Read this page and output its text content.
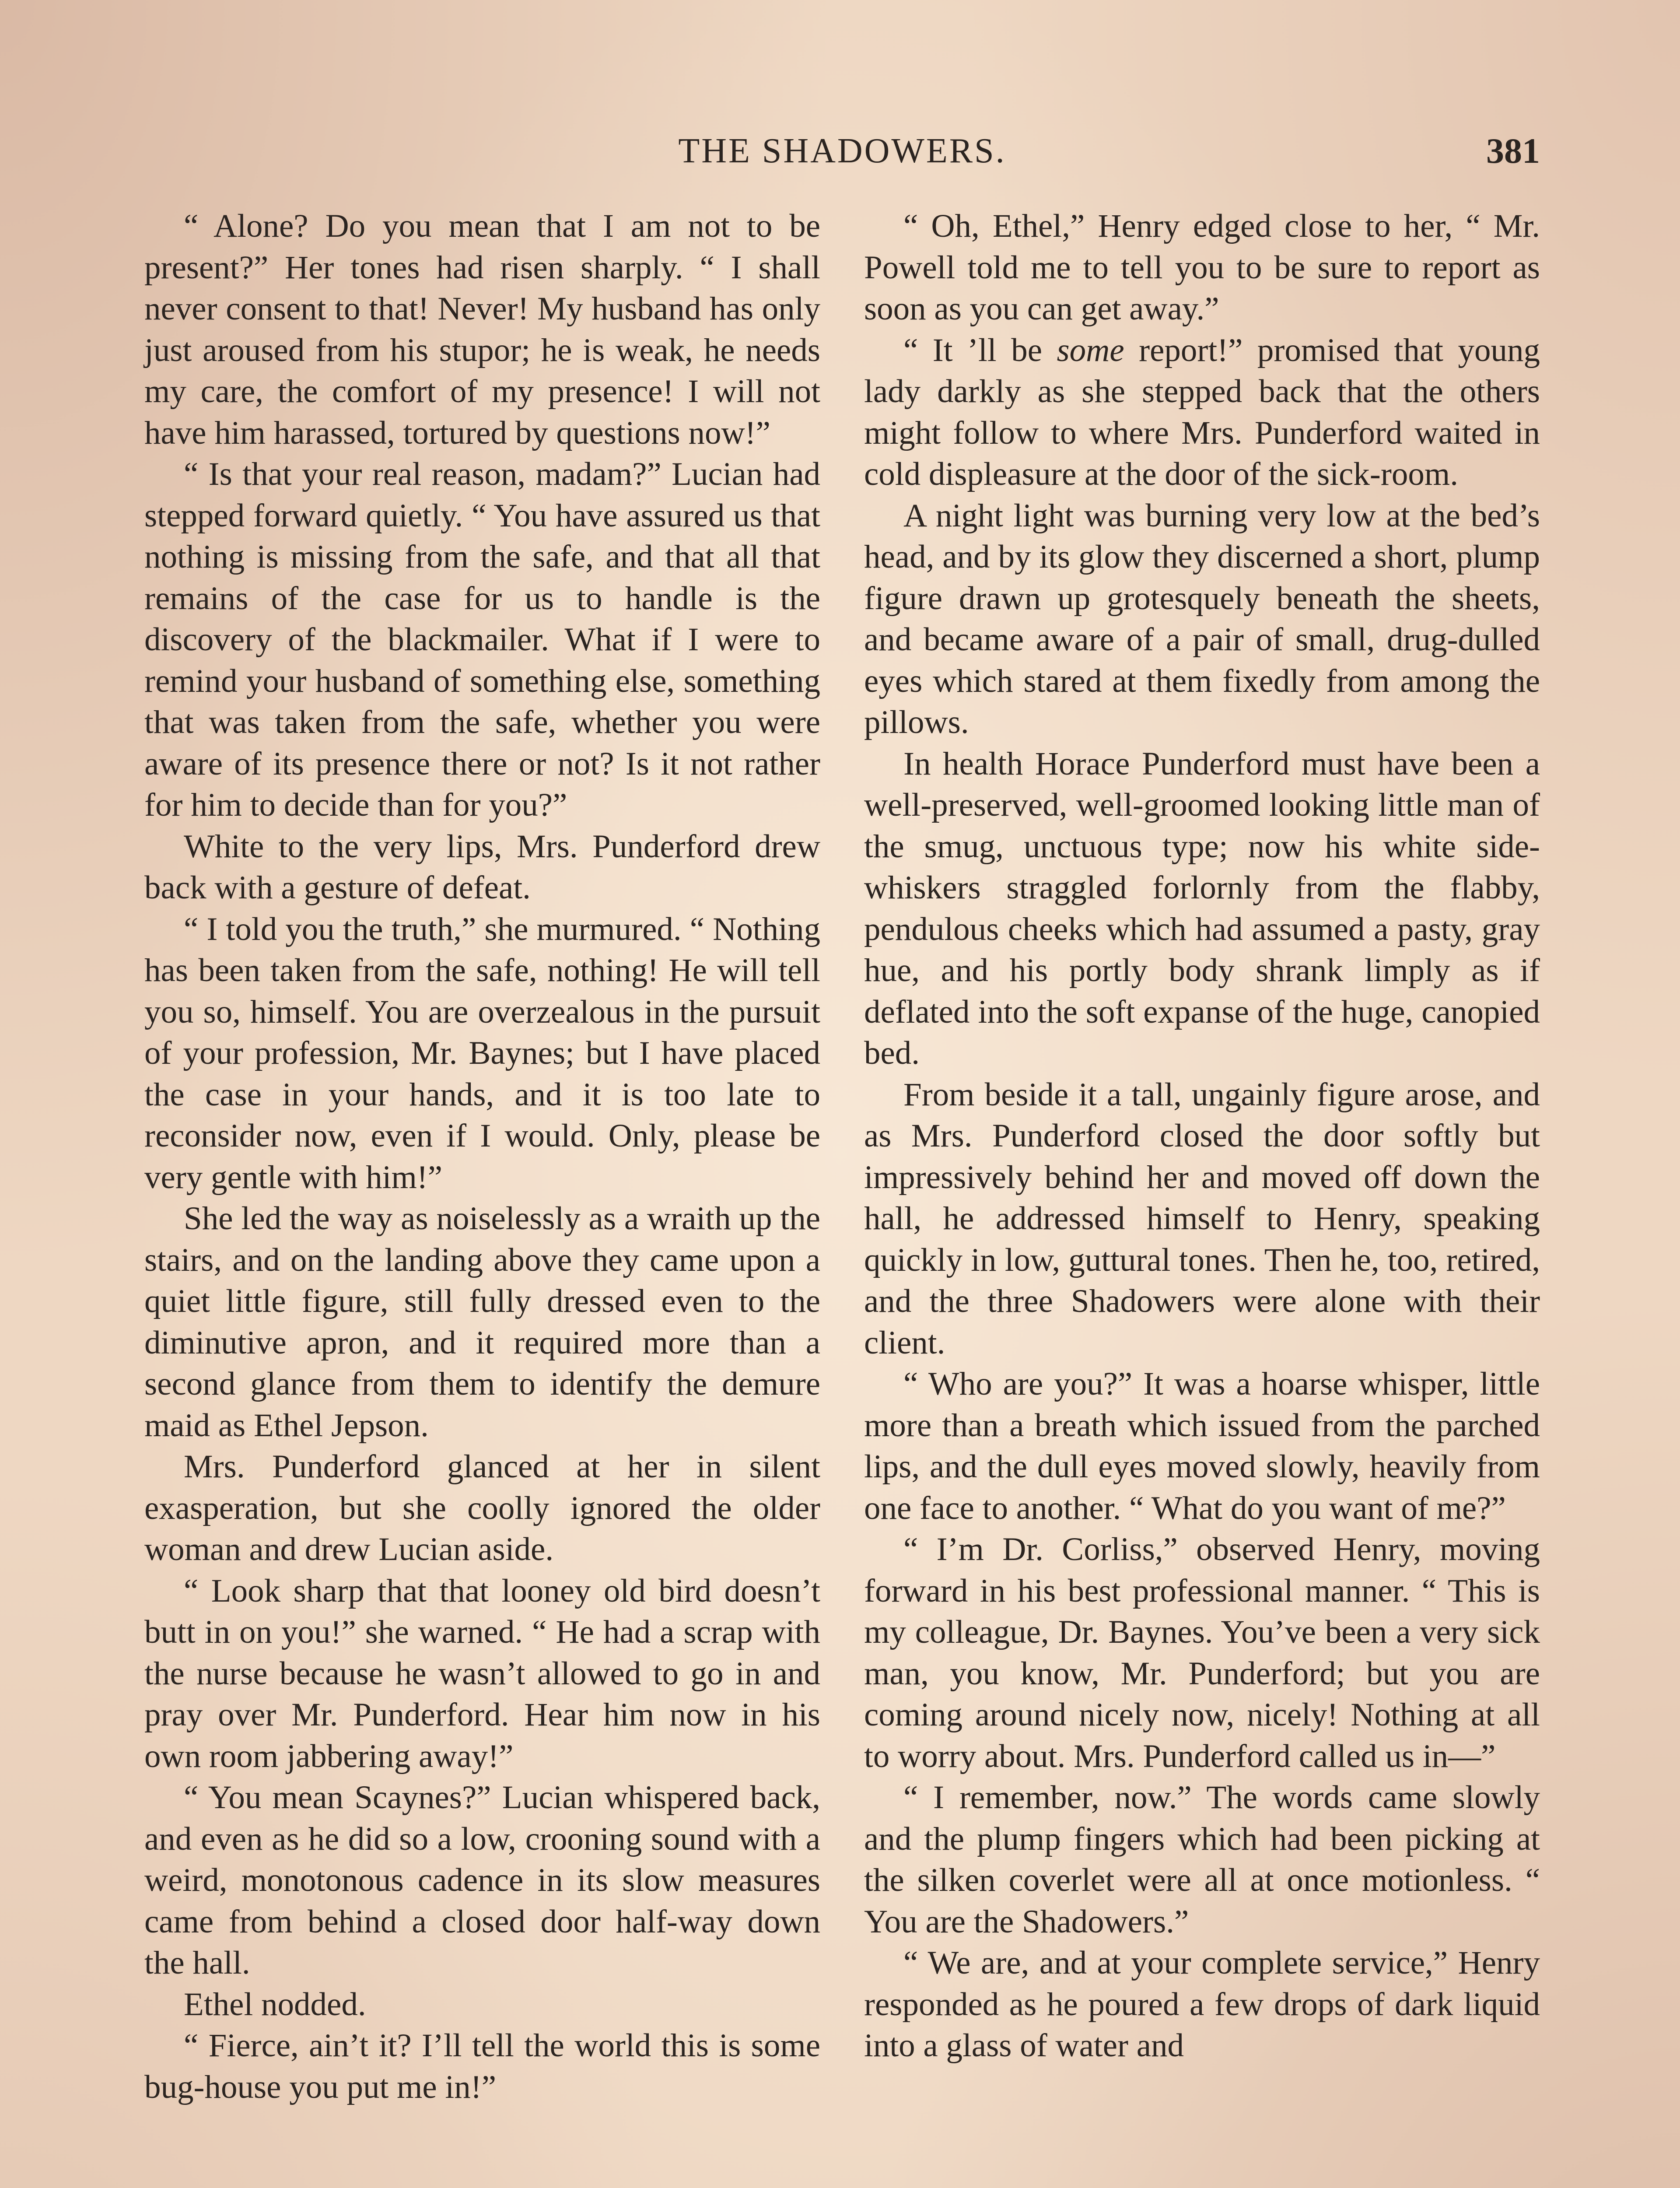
THE SHADOWERS.	381

“ Alone? Do you mean that I am not to be present?” Her tones had risen sharply. “ I shall never consent to that! Never! My husband has only just aroused from his stupor; he is weak, he needs my care, the comfort of my presence! I will not have him harassed, tortured by questions now!”

“ Is that your real reason, madam?” Lucian had stepped forward quietly. “ You have assured us that nothing is missing from the safe, and that all that remains of the case for us to handle is the discovery of the blackmailer. What if I were to remind your husband of something else, something that was taken from the safe, whether you were aware of its presence there or not? Is it not rather for him to decide than for you?”

White to the very lips, Mrs. Punderford drew back with a gesture of defeat.

“ I told you the truth,” she murmured. “ Nothing has been taken from the safe, nothing! He will tell you so, himself. You are overzealous in the pursuit of your profession, Mr. Baynes; but I have placed the case in your hands, and it is too late to reconsider now, even if I would. Only, please be very gentle with him!”

She led the way as noiselessly as a wraith up the stairs, and on the landing above they came upon a quiet little figure, still fully dressed even to the diminutive apron, and it required more than a second glance from them to identify the demure maid as Ethel Jepson.

Mrs. Punderford glanced at her in silent exasperation, but she coolly ignored the older woman and drew Lucian aside.

“ Look sharp that that looney old bird doesn’t butt in on you!” she warned. “ He had a scrap with the nurse because he wasn’t allowed to go in and pray over Mr. Punderford. Hear him now in his own room jabbering away!”

“ You mean Scaynes?” Lucian whispered back, and even as he did so a low, crooning sound with a weird, monotonous cadence in its slow measures came from behind a closed door half-way down the hall.

Ethel nodded.

“ Fierce, ain’t it? I’ll tell the world this is some bug-house you put me in!”

“ Oh, Ethel,” Henry edged close to her, “ Mr. Powell told me to tell you to be sure to report as soon as you can get away.”

“ It ’ll be some report!” promised that young lady darkly as she stepped back that the others might follow to where Mrs. Punderford waited in cold displeasure at the door of the sick-room.

A night light was burning very low at the bed’s head, and by its glow they discerned a short, plump figure drawn up grotesquely beneath the sheets, and became aware of a pair of small, drug-dulled eyes which stared at them fixedly from among the pillows.

In health Horace Punderford must have been a well-preserved, well-groomed looking little man of the smug, unctuous type; now his white side-whiskers straggled forlornly from the flabby, pendulous cheeks which had assumed a pasty, gray hue, and his portly body shrank limply as if deflated into the soft expanse of the huge, canopied bed.

From beside it a tall, ungainly figure arose, and as Mrs. Punderford closed the door softly but impressively behind her and moved off down the hall, he addressed himself to Henry, speaking quickly in low, guttural tones. Then he, too, retired, and the three Shadowers were alone with their client.

“ Who are you?” It was a hoarse whisper, little more than a breath which issued from the parched lips, and the dull eyes moved slowly, heavily from one face to another. “ What do you want of me?”

“ I’m Dr. Corliss,” observed Henry, moving forward in his best professional manner. “ This is my colleague, Dr. Baynes. You’ve been a very sick man, you know, Mr. Punderford; but you are coming around nicely now, nicely! Nothing at all to worry about. Mrs. Punderford called us in—”

“ I remember, now.” The words came slowly and the plump fingers which had been picking at the silken coverlet were all at once motionless. “ You are the Shadowers.”

“ We are, and at your complete service,” Henry responded as he poured a few drops of dark liquid into a glass of water and
